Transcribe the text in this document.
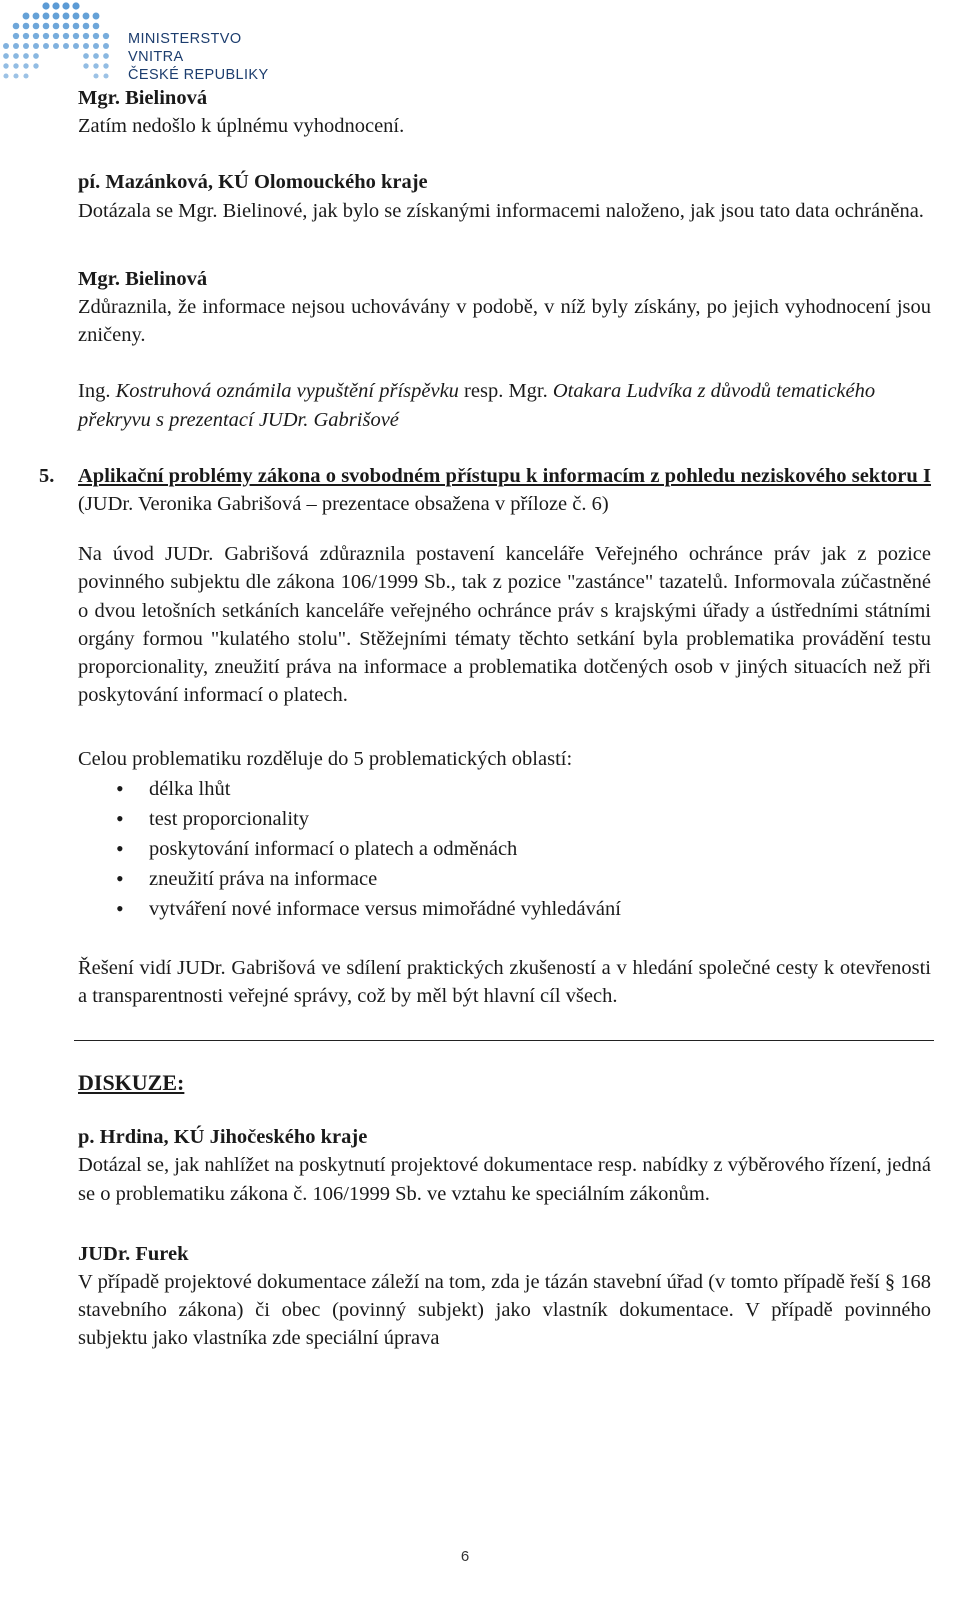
MINISTERSTVO VNITRA
ČESKÉ REPUBLIKY

Mgr. Bielinová

Zatím nedošlo k úplnému vyhodnocení.

pí. Mazánková, KÚ Olomouckého kraje

Dotázala se Mgr. Bielinové, jak bylo se získanými informacemi naloženo, jak jsou tato data ochráněna.

Mgr. Bielinová

Zdůraznila, že informace nejsou uchovávány v podobě, v níž byly získány, po jejich vyhodnocení jsou zničeny.

Ing. Kostruhová oznámila vypuštění příspěvku resp. Mgr. Otakara Ludvíka z důvodů tematického překryvu s prezentací JUDr. Gabrišové

5. Aplikační problémy zákona o svobodném přístupu k informacím z pohledu neziskového sektoru I (JUDr. Veronika Gabrišová – prezentace obsažena v příloze č. 6)

Na úvod JUDr. Gabrišová zdůraznila postavení kanceláře Veřejného ochránce práv jak z pozice povinného subjektu dle zákona 106/1999 Sb., tak z pozice "zastánce" tazatelů. Informovala zúčastněné o dvou letošních setkáních kanceláře veřejného ochránce práv s krajskými úřady a ústředními státními orgány formou "kulatého stolu". Stěžejními tématy těchto setkání byla problematika provádění testu proporcionality, zneužití práva na informace a problematika dotčených osob v jiných situacích než při poskytování informací o platech.

Celou problematiku rozděluje do 5 problematických oblastí:

• délka lhůt
• test proporcionality
• poskytování informací o platech a odměnách
• zneužití práva na informace
• vytváření nové informace versus mimořádné vyhledávání

Řešení vidí JUDr. Gabrišová ve sdílení praktických zkušeností a v hledání společné cesty k otevřenosti a transparentnosti veřejné správy, což by měl být hlavní cíl všech.

DISKUZE:

p. Hrdina, KÚ Jihočeského kraje

Dotázal se, jak nahlížet na poskytnutí projektové dokumentace resp. nabídky z výběrového řízení, jedná se o problematiku zákona č. 106/1999 Sb. ve vztahu ke speciálním zákonům.

JUDr. Furek

V případě projektové dokumentace záleží na tom, zda je tázán stavební úřad (v tomto případě řeší § 168 stavebního zákona) či obec (povinný subjekt) jako vlastník dokumentace. V případě povinného subjektu jako vlastníka zde speciální úprava

6
